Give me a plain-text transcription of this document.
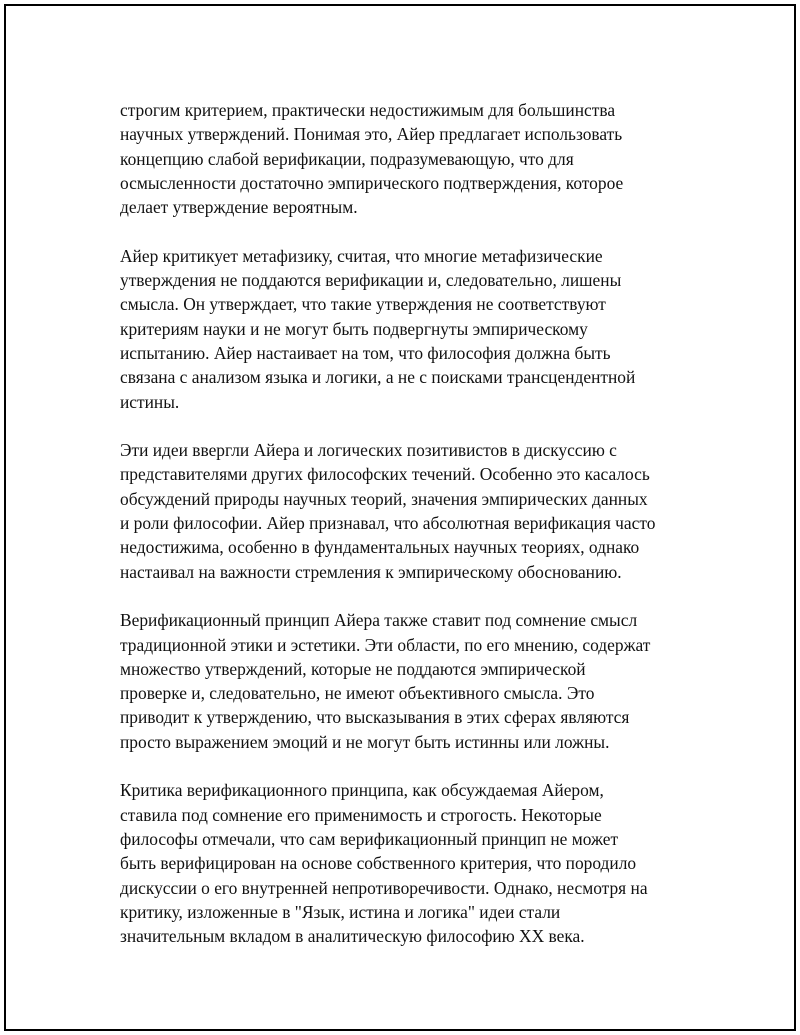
строгим критерием, практически недостижимым для большинства
научных утверждений. Понимая это, Айер предлагает использовать
концепцию слабой верификации, подразумевающую, что для
осмысленности достаточно эмпирического подтверждения, которое
делает утверждение вероятным.

Айер критикует метафизику, считая, что многие метафизические
утверждения не поддаются верификации и, следовательно, лишены
смысла. Он утверждает, что такие утверждения не соответствуют
критериям науки и не могут быть подвергнуты эмпирическому
испытанию. Айер настаивает на том, что философия должна быть
связана с анализом языка и логики, а не с поисками трансцендентной
истины.

Эти идеи ввергли Айера и логических позитивистов в дискуссию с
представителями других философских течений. Особенно это касалось
обсуждений природы научных теорий, значения эмпирических данных
и роли философии. Айер признавал, что абсолютная верификация часто
недостижима, особенно в фундаментальных научных теориях, однако
настаивал на важности стремления к эмпирическому обоснованию.

Верификационный принцип Айера также ставит под сомнение смысл
традиционной этики и эстетики. Эти области, по его мнению, содержат
множество утверждений, которые не поддаются эмпирической
проверке и, следовательно, не имеют объективного смысла. Это
приводит к утверждению, что высказывания в этих сферах являются
просто выражением эмоций и не могут быть истинны или ложны.

Критика верификационного принципа, как обсуждаемая Айером,
ставила под сомнение его применимость и строгость. Некоторые
философы отмечали, что сам верификационный принцип не может
быть верифицирован на основе собственного критерия, что породило
дискуссии о его внутренней непротиворечивости. Однако, несмотря на
критику, изложенные в "Язык, истина и логика" идеи стали
значительным вкладом в аналитическую философию XX века.
